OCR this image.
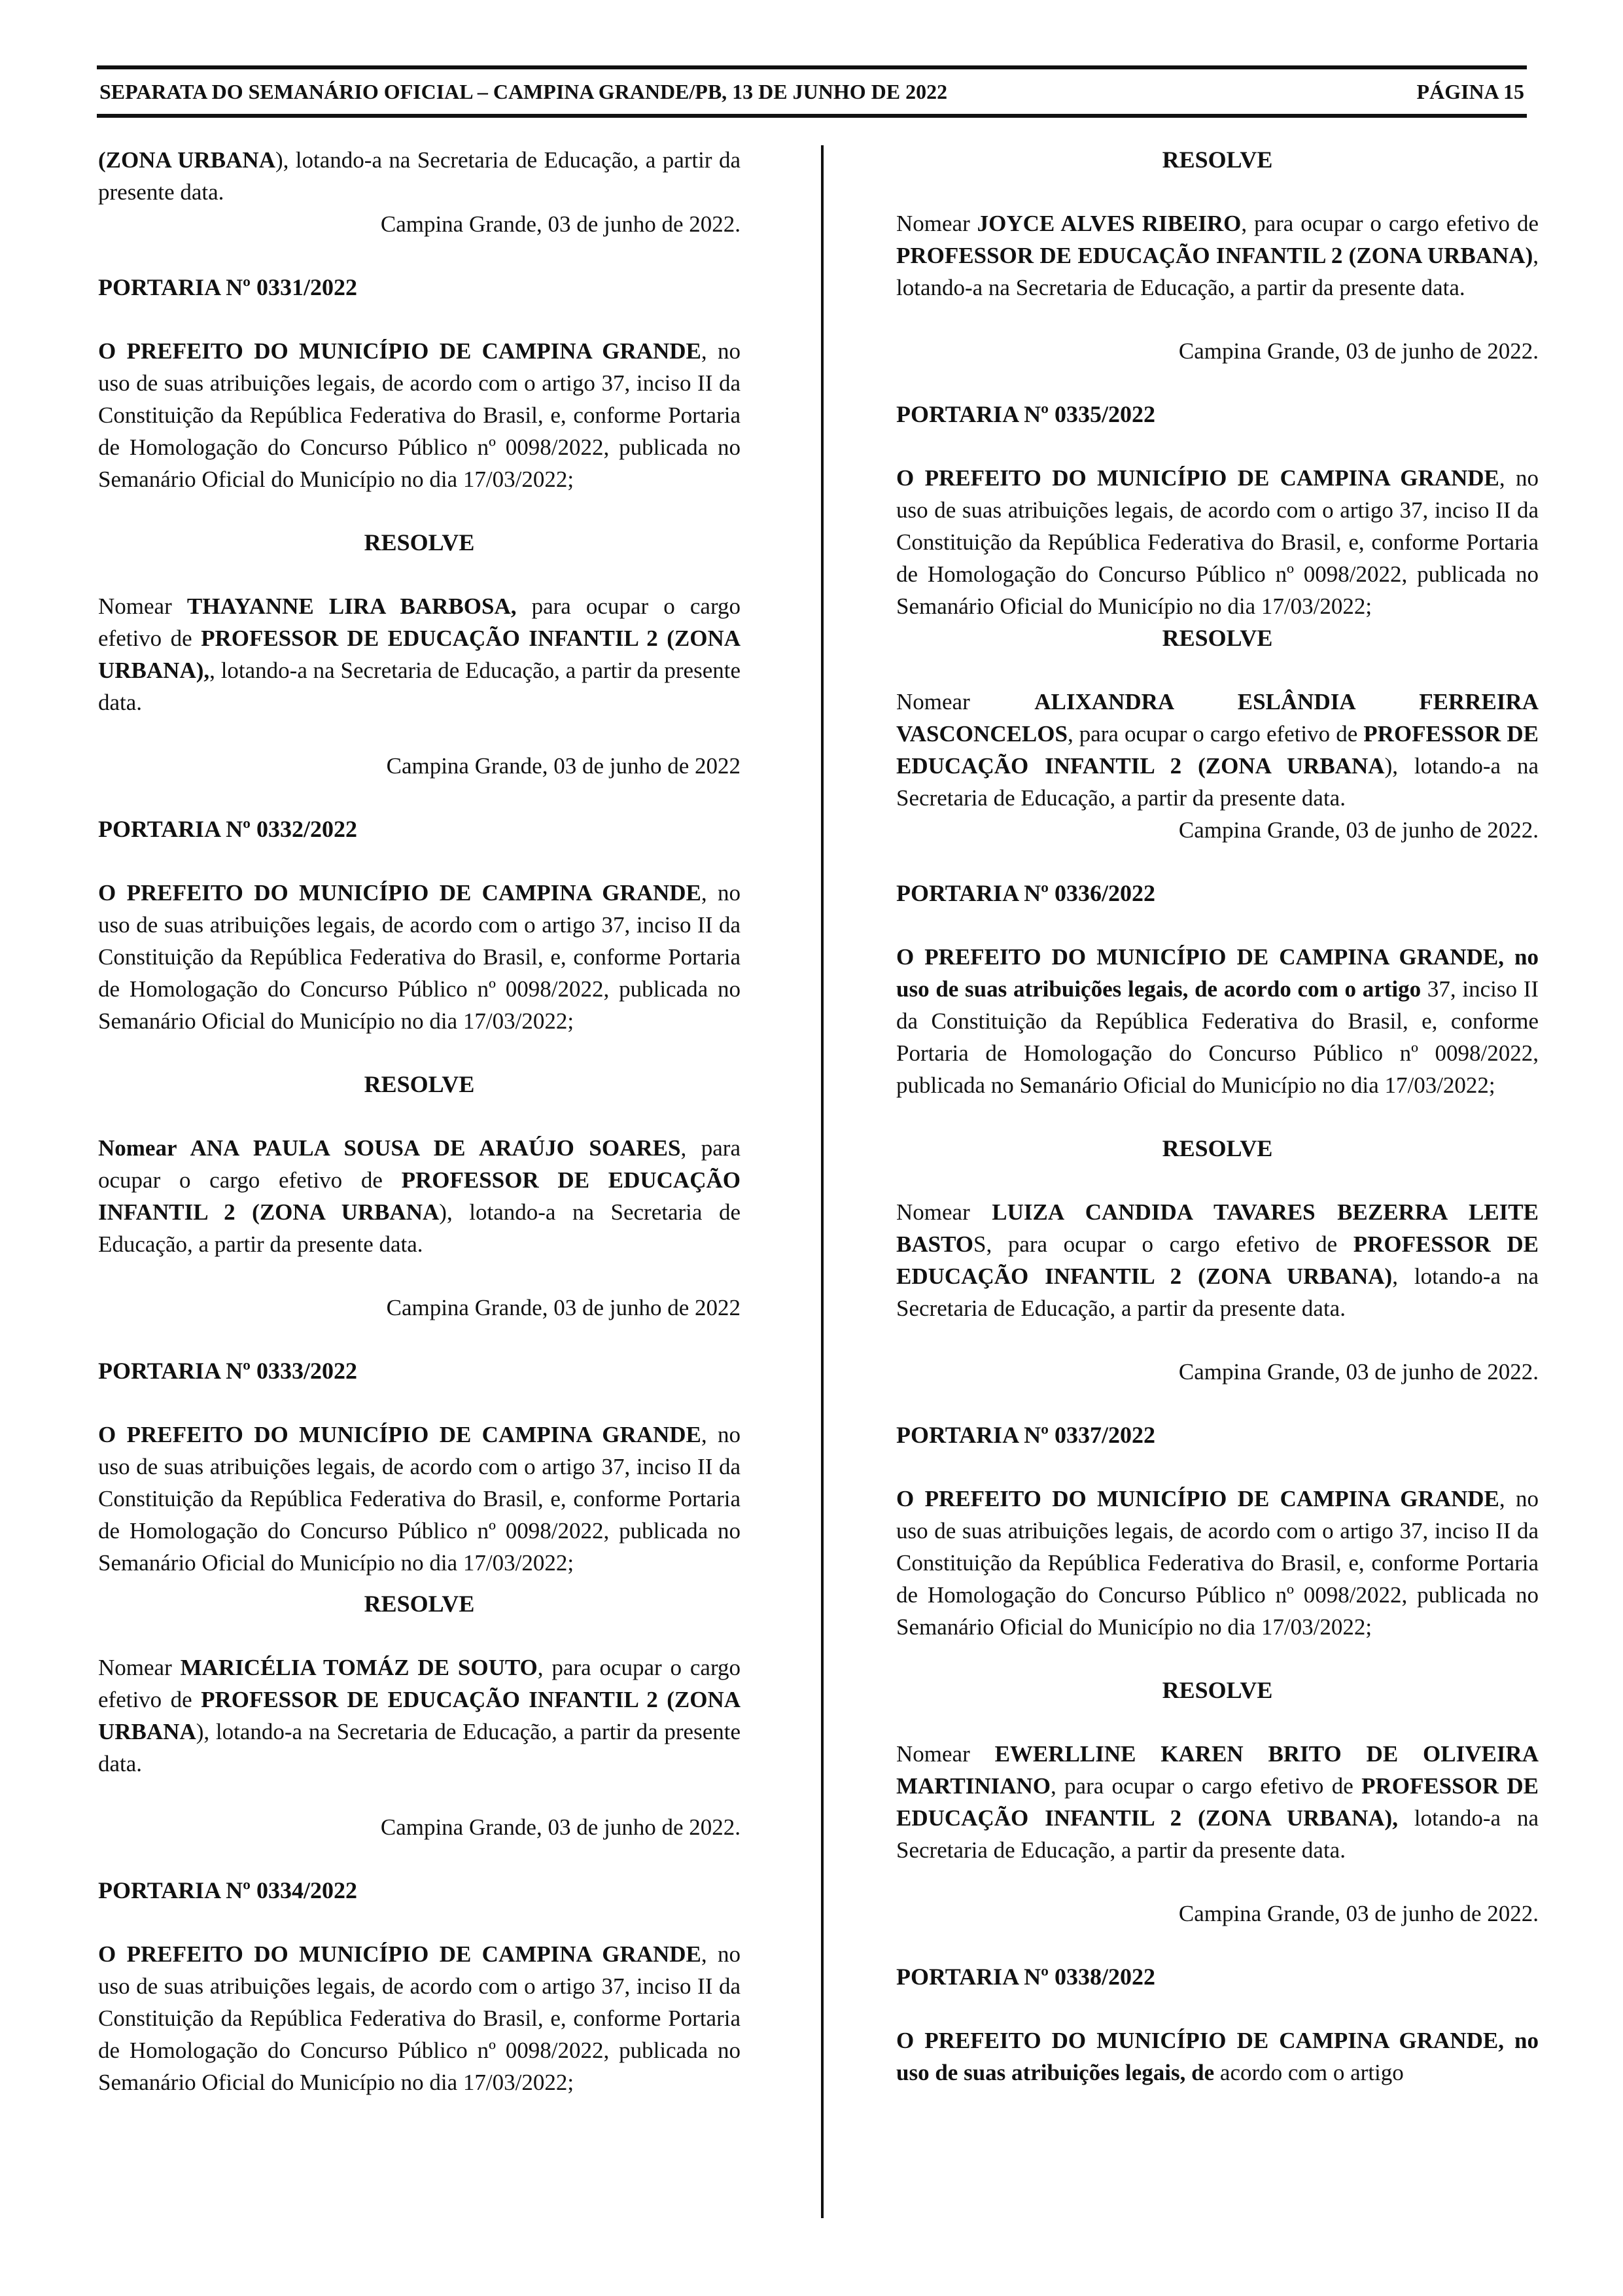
SEPARATA DO SEMANÁRIO OFICIAL – CAMPINA GRANDE/PB, 13 DE JUNHO DE 2022	PÁGINA 15

(ZONA URBANA), lotando-a na Secretaria de Educação, a partir da presente data.

Campina Grande, 03 de junho de 2022.

PORTARIA Nº 0331/2022

O PREFEITO DO MUNICÍPIO DE CAMPINA GRANDE, no uso de suas atribuições legais, de acordo com o artigo 37, inciso II da Constituição da República Federativa do Brasil, e, conforme Portaria de Homologação do Concurso Público nº 0098/2022, publicada no Semanário Oficial do Município no dia 17/03/2022;

RESOLVE

Nomear THAYANNE LIRA BARBOSA, para ocupar o cargo efetivo de PROFESSOR DE EDUCAÇÃO INFANTIL 2 (ZONA URBANA),, lotando-a na Secretaria de Educação, a partir da presente data.

Campina Grande, 03 de junho de 2022

PORTARIA Nº 0332/2022

O PREFEITO DO MUNICÍPIO DE CAMPINA GRANDE, no uso de suas atribuições legais, de acordo com o artigo 37, inciso II da Constituição da República Federativa do Brasil, e, conforme Portaria de Homologação do Concurso Público nº 0098/2022, publicada no Semanário Oficial do Município no dia 17/03/2022;

RESOLVE

Nomear ANA PAULA SOUSA DE ARAÚJO SOARES, para ocupar o cargo efetivo de PROFESSOR DE EDUCAÇÃO INFANTIL 2 (ZONA URBANA), lotando-a na Secretaria de Educação, a partir da presente data.

Campina Grande, 03 de junho de 2022

PORTARIA Nº 0333/2022

O PREFEITO DO MUNICÍPIO DE CAMPINA GRANDE, no uso de suas atribuições legais, de acordo com o artigo 37, inciso II da Constituição da República Federativa do Brasil, e, conforme Portaria de Homologação do Concurso Público nº 0098/2022, publicada no Semanário Oficial do Município no dia 17/03/2022;

RESOLVE

Nomear MARICÉLIA TOMÁZ DE SOUTO, para ocupar o cargo efetivo de PROFESSOR DE EDUCAÇÃO INFANTIL 2 (ZONA URBANA), lotando-a na Secretaria de Educação, a partir da presente data.

Campina Grande, 03 de junho de 2022.

PORTARIA Nº 0334/2022

O PREFEITO DO MUNICÍPIO DE CAMPINA GRANDE, no uso de suas atribuições legais, de acordo com o artigo 37, inciso II da Constituição da República Federativa do Brasil, e, conforme Portaria de Homologação do Concurso Público nº 0098/2022, publicada no Semanário Oficial do Município no dia 17/03/2022;

RESOLVE

Nomear JOYCE ALVES RIBEIRO, para ocupar o cargo efetivo de PROFESSOR DE EDUCAÇÃO INFANTIL 2 (ZONA URBANA), lotando-a na Secretaria de Educação, a partir da presente data.

Campina Grande, 03 de junho de 2022.

PORTARIA Nº 0335/2022

O PREFEITO DO MUNICÍPIO DE CAMPINA GRANDE, no uso de suas atribuições legais, de acordo com o artigo 37, inciso II da Constituição da República Federativa do Brasil, e, conforme Portaria de Homologação do Concurso Público nº 0098/2022, publicada no Semanário Oficial do Município no dia 17/03/2022;

RESOLVE

Nomear ALIXANDRA ESLÂNDIA FERREIRA VASCONCELOS, para ocupar o cargo efetivo de PROFESSOR DE EDUCAÇÃO INFANTIL 2 (ZONA URBANA), lotando-a na Secretaria de Educação, a partir da presente data.

Campina Grande, 03 de junho de 2022.

PORTARIA Nº 0336/2022

O PREFEITO DO MUNICÍPIO DE CAMPINA GRANDE, no uso de suas atribuições legais, de acordo com o artigo 37, inciso II da Constituição da República Federativa do Brasil, e, conforme Portaria de Homologação do Concurso Público nº 0098/2022, publicada no Semanário Oficial do Município no dia 17/03/2022;

RESOLVE

Nomear LUIZA CANDIDA TAVARES BEZERRA LEITE BASTOS, para ocupar o cargo efetivo de PROFESSOR DE EDUCAÇÃO INFANTIL 2 (ZONA URBANA), lotando-a na Secretaria de Educação, a partir da presente data.

Campina Grande, 03 de junho de 2022.

PORTARIA Nº 0337/2022

O PREFEITO DO MUNICÍPIO DE CAMPINA GRANDE, no uso de suas atribuições legais, de acordo com o artigo 37, inciso II da Constituição da República Federativa do Brasil, e, conforme Portaria de Homologação do Concurso Público nº 0098/2022, publicada no Semanário Oficial do Município no dia 17/03/2022;

RESOLVE

Nomear EWERLLINE KAREN BRITO DE OLIVEIRA MARTINIANO, para ocupar o cargo efetivo de PROFESSOR DE EDUCAÇÃO INFANTIL 2 (ZONA URBANA), lotando-a na Secretaria de Educação, a partir da presente data.

Campina Grande, 03 de junho de 2022.

PORTARIA Nº 0338/2022

O PREFEITO DO MUNICÍPIO DE CAMPINA GRANDE, no uso de suas atribuições legais, de acordo com o artigo
